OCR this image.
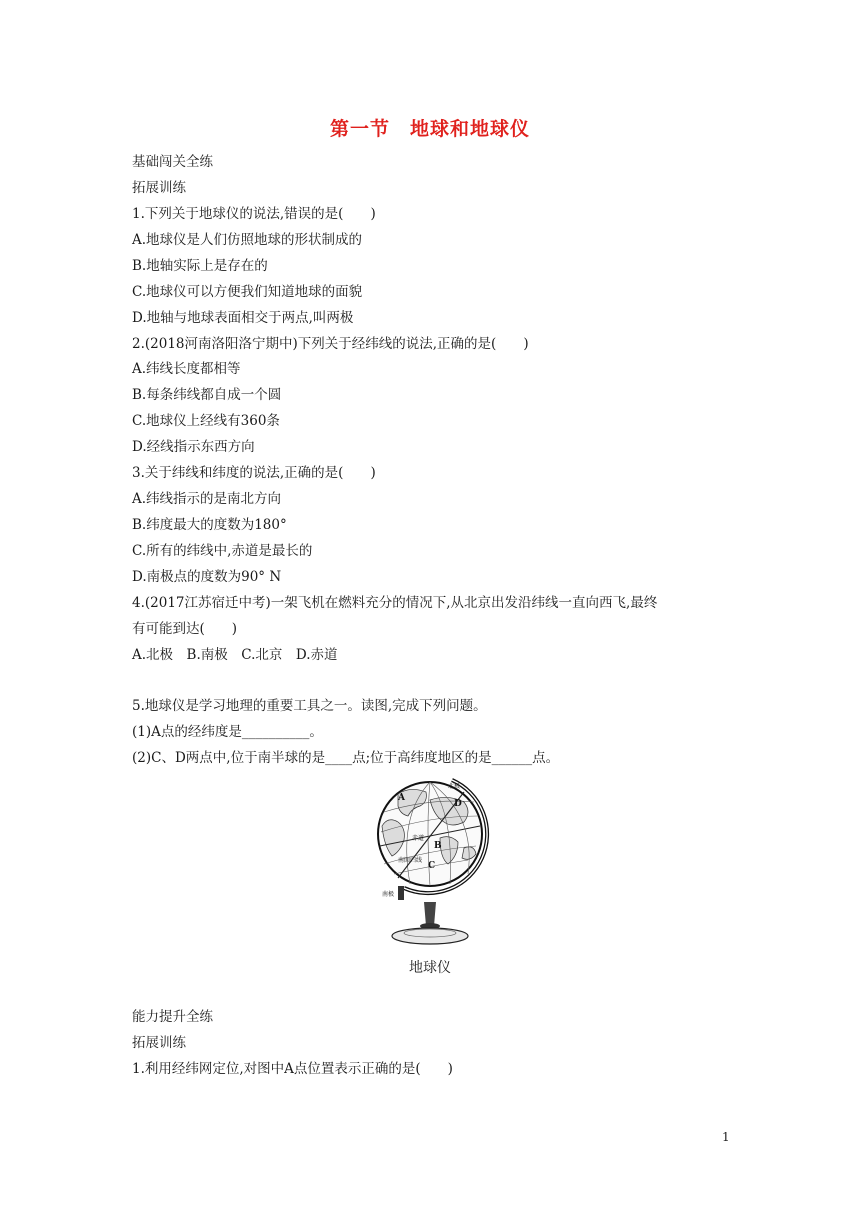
第一节　地球和地球仪
基础闯关全练
拓展训练
1.下列关于地球仪的说法,错误的是(　　)
A.地球仪是人们仿照地球的形状制成的
B.地轴实际上是存在的
C.地球仪可以方便我们知道地球的面貌
D.地轴与地球表面相交于两点,叫两极
2.(2018河南洛阳洛宁期中)下列关于经纬线的说法,正确的是(　　)
A.纬线长度都相等
B.每条纬线都自成一个圆
C.地球仪上经线有360条
D.经线指示东西方向
3.关于纬线和纬度的说法,正确的是(　　)
A.纬线指示的是南北方向
B.纬度最大的度数为180°
C.所有的纬线中,赤道是最长的
D.南极点的度数为90° N
4.(2017江苏宿迁中考)一架飞机在燃料充分的情况下,从北京出发沿纬线一直向西飞,最终
有可能到达(　　)
A.北极　B.南极　C.北京　D.赤道
5.地球仪是学习地理的重要工具之一。读图,完成下列问题。
(1)A点的经纬度是__________。
(2)C、D两点中,位于南半球的是____点;位于高纬度地区的是______点。
A
D
B
C
北极
南极
赤道
南回归线
地球仪
能力提升全练
拓展训练
1.利用经纬网定位,对图中A点位置表示正确的是(　　)
1
